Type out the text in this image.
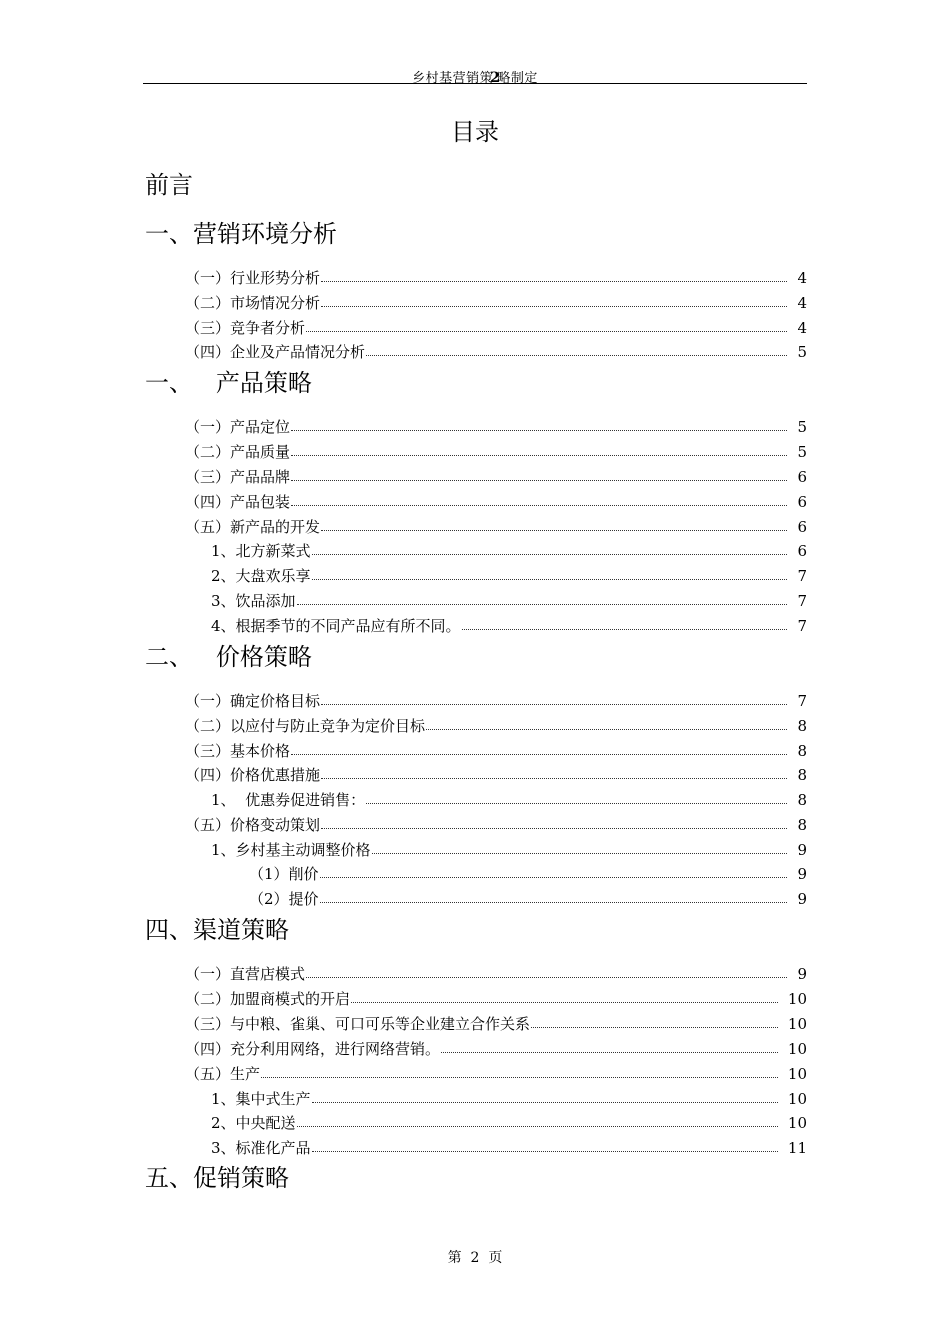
乡村基营销策2略制定
目录
前言
一、营销环境分析
一、   产品策略
二、   价格策略
四、渠道策略
五、促销策略
（一）行业形势分析	4
（二）市场情况分析	4
（三）竞争者分析	4
（四）企业及产品情况分析	5
（一）产品定位	5
（二）产品质量	5
（三）产品品牌	6
（四）产品包装	6
（五）新产品的开发	6
1、北方新菜式	6
2、大盘欢乐享	7
3、饮品添加	7
4、根据季节的不同产品应有所不同。	7
（一）确定价格目标	7
（二）以应付与防止竞争为定价目标	8
（三）基本价格	8
（四）价格优惠措施	8
1、  优惠券促进销售：	8
（五）价格变动策划	8
1、乡村基主动调整价格	9
（1）削价	9
（2）提价	9
（一）直营店模式	9
（二）加盟商模式的开启	10
（三）与中粮、雀巢、可口可乐等企业建立合作关系	10
（四）充分利用网络，进行网络营销。	10
（五）生产	10
1、集中式生产	10
2、中央配送	10
3、标准化产品	11
第  2  页
